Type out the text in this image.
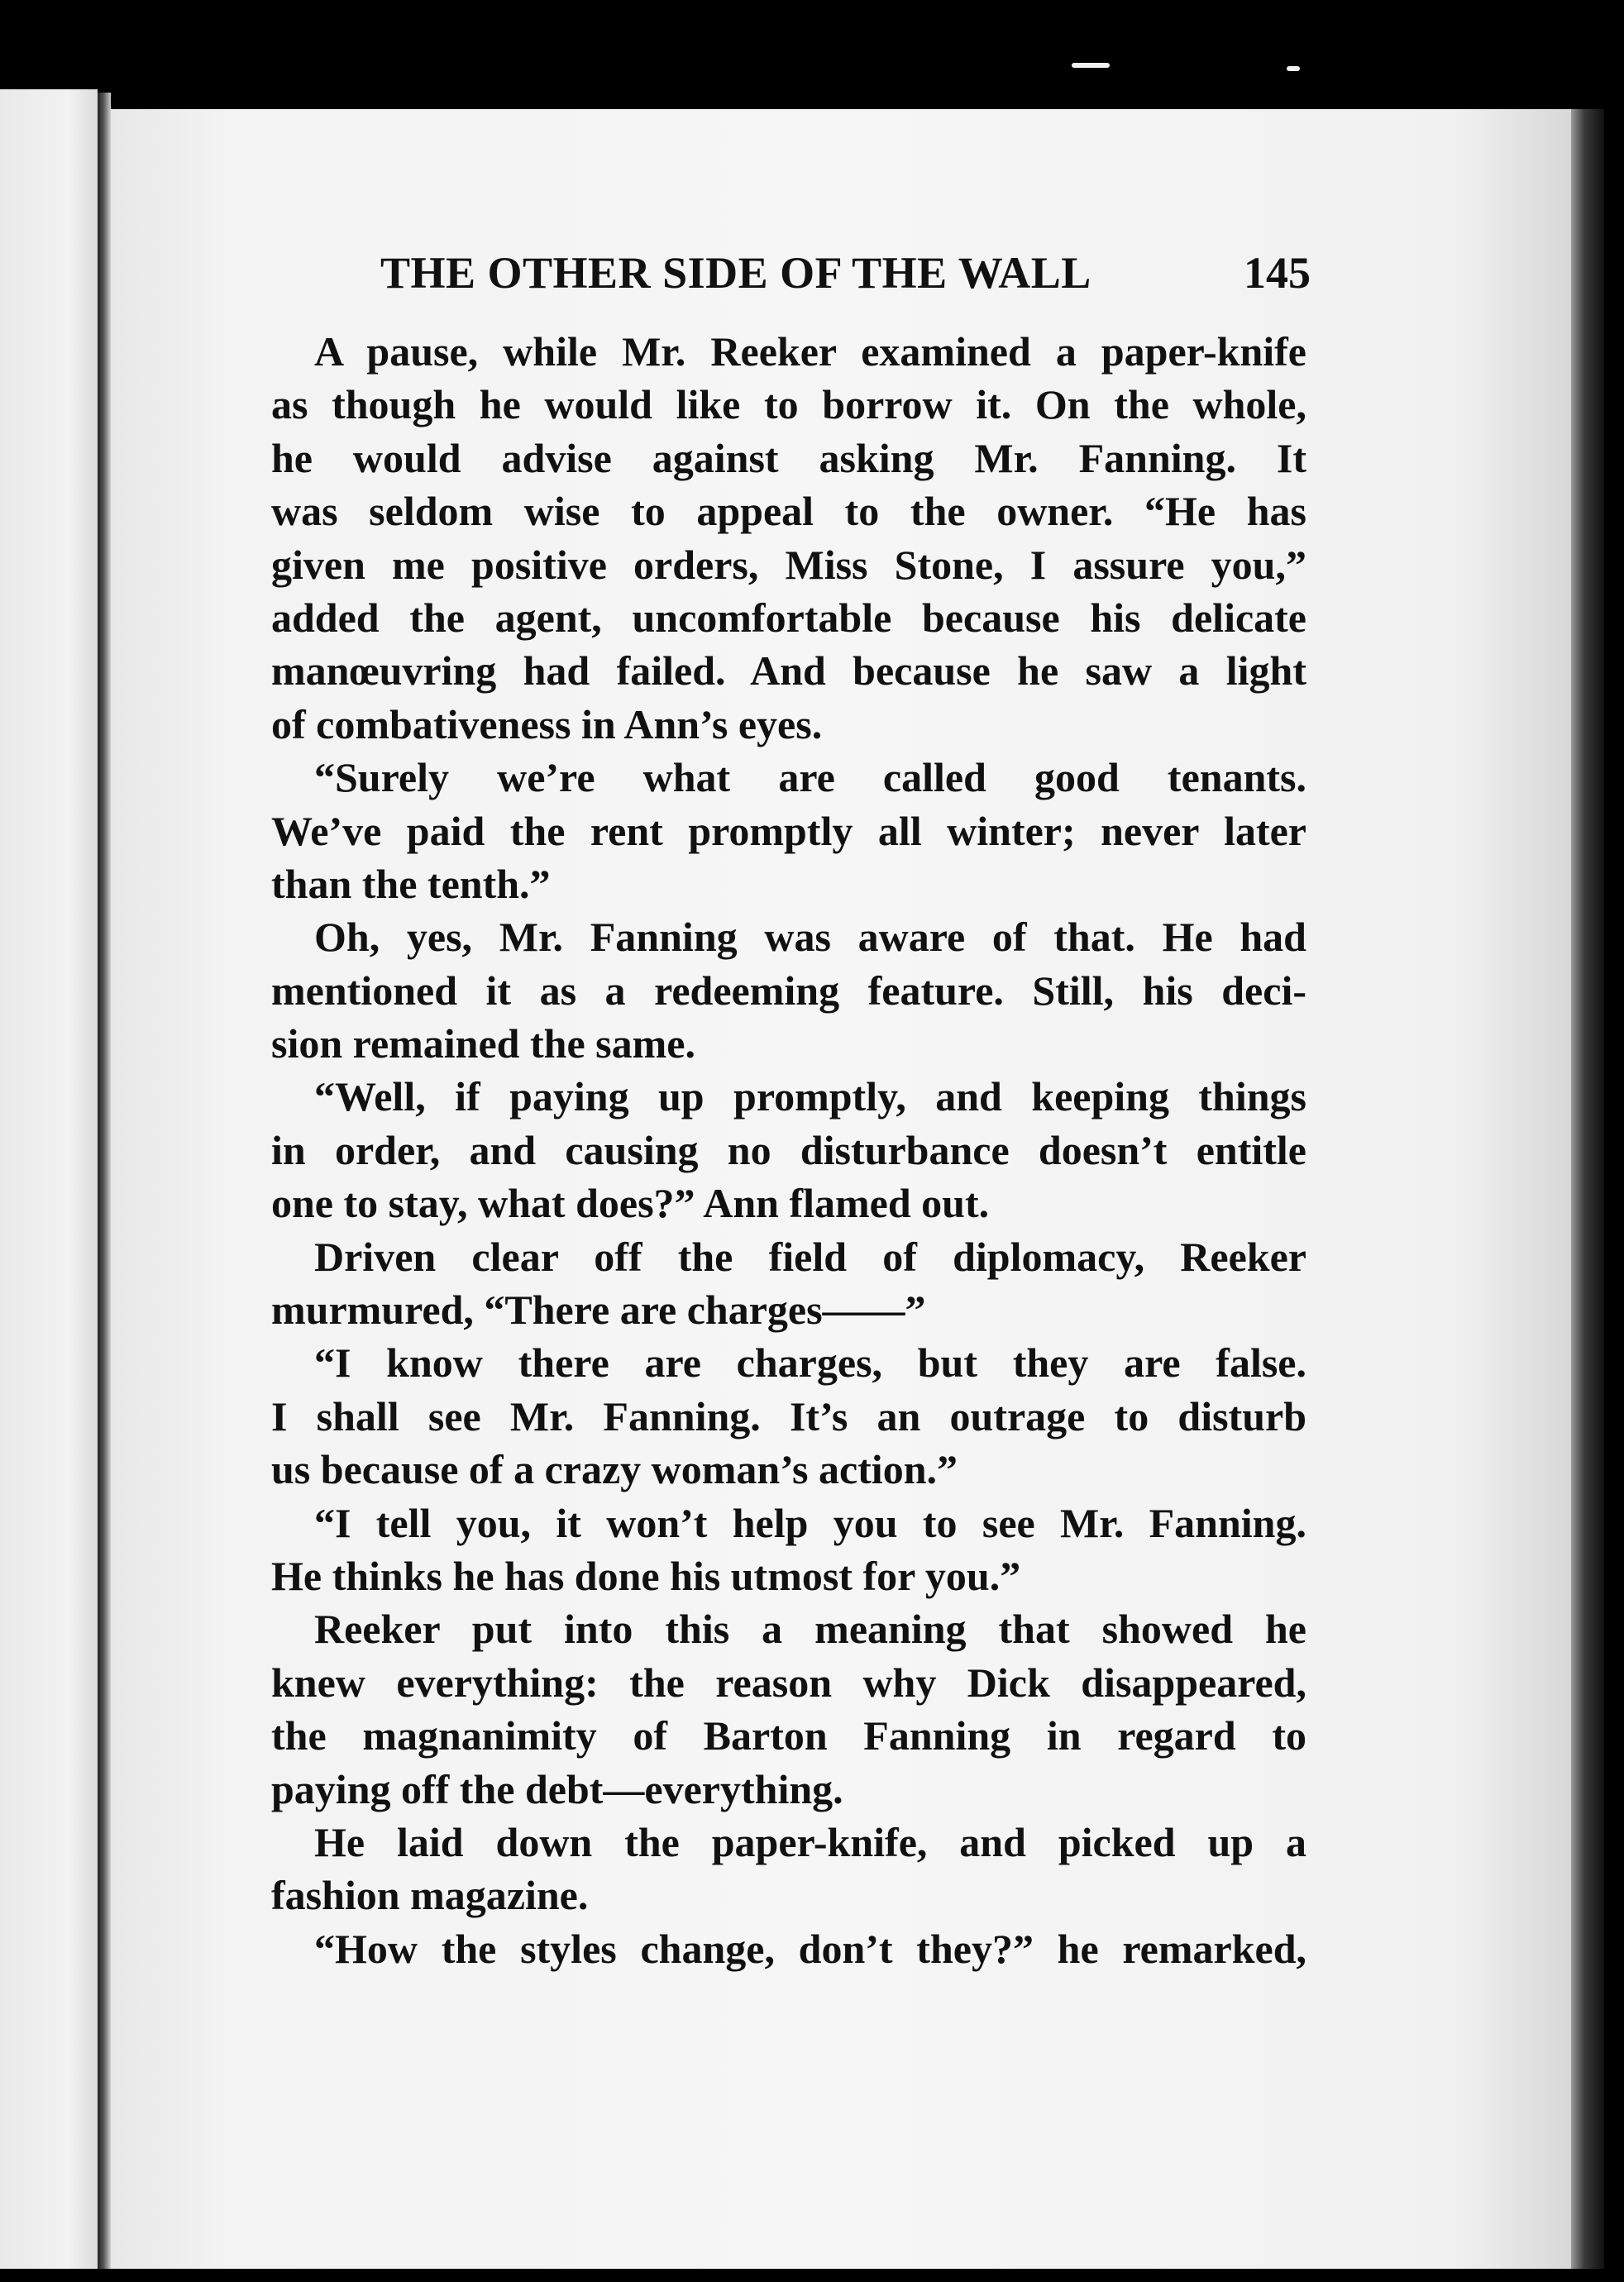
THE OTHER SIDE OF THE WALL	145
A pause, while Mr. Reeker examined a paper-knife
as though he would like to borrow it. On the whole,
he would advise against asking Mr. Fanning. It
was seldom wise to appeal to the owner. “He has
given me positive orders, Miss Stone, I assure you,”
added the agent, uncomfortable because his delicate
manœuvring had failed. And because he saw a light
of combativeness in Ann’s eyes.
“Surely we’re what are called good tenants.
We’ve paid the rent promptly all winter; never later
than the tenth.”
Oh, yes, Mr. Fanning was aware of that. He had
mentioned it as a redeeming feature. Still, his deci-
sion remained the same.
“Well, if paying up promptly, and keeping things
in order, and causing no disturbance doesn’t entitle
one to stay, what does?” Ann flamed out.
Driven clear off the field of diplomacy, Reeker
murmured, “There are charges——”
“I know there are charges, but they are false.
I shall see Mr. Fanning. It’s an outrage to disturb
us because of a crazy woman’s action.”
“I tell you, it won’t help you to see Mr. Fanning.
He thinks he has done his utmost for you.”
Reeker put into this a meaning that showed he
knew everything: the reason why Dick disappeared,
the magnanimity of Barton Fanning in regard to
paying off the debt—everything.
He laid down the paper-knife, and picked up a
fashion magazine.
“How the styles change, don’t they?” he remarked,
